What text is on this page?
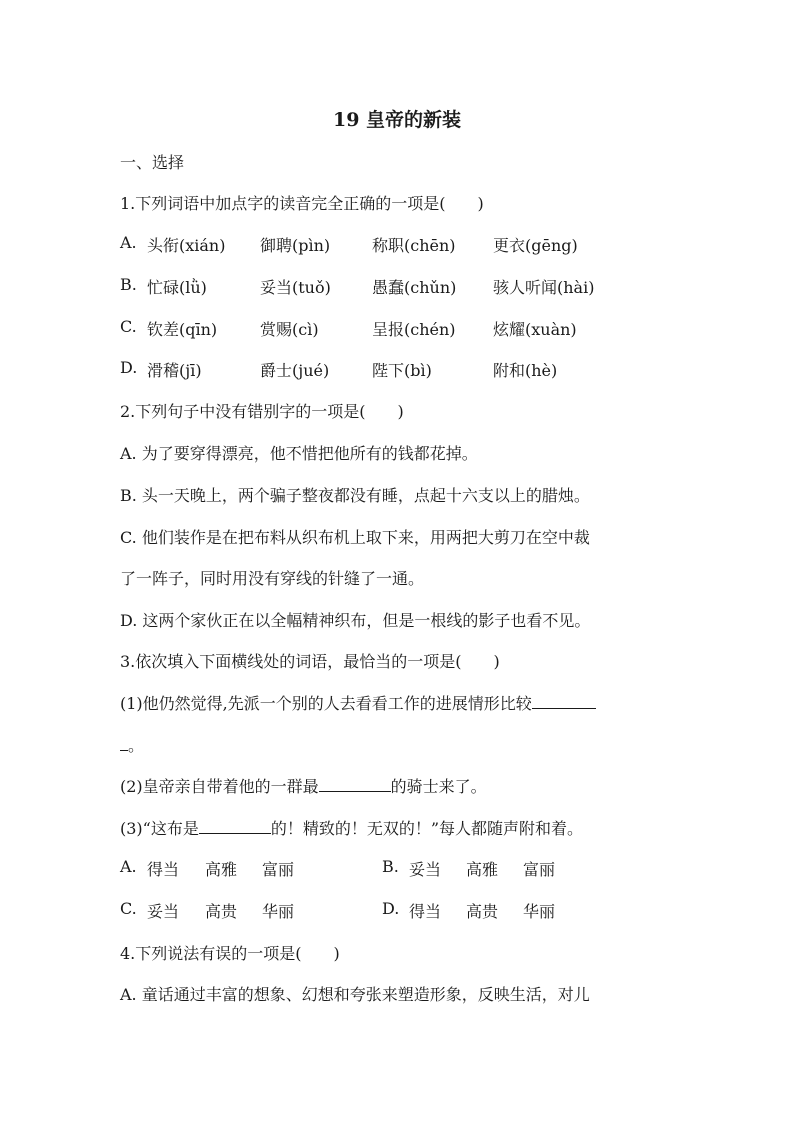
19 皇帝的新装
一、选择
1.下列词语中加点字的读音完全正确的一项是(　　)
A. 头衔(xián) 御聘(pìn)	称职(chēn) 更衣(gēng)
B. 忙碌(lǜ)	妥当(tuǒ)	愚蠢(chǔn) 骇人听闻(hài)
C. 钦差(qīn)	赏赐(cì)	呈报(chén) 炫耀(xuàn)
D. 滑稽(jī)	爵士(jué)	陛下(bì)	附和(hè)
2.下列句子中没有错别字的一项是(　　)
A. 为了要穿得漂亮，他不惜把他所有的钱都花掉。
B. 头一天晚上，两个骗子整夜都没有睡，点起十六支以上的腊烛。
C. 他们装作是在把布料从织布机上取下来，用两把大剪刀在空中裁
了一阵子，同时用没有穿线的针缝了一通。
D. 这两个家伙正在以全幅精神织布，但是一根线的影子也看不见。
3.依次填入下面横线处的词语，最恰当的一项是(　　)
(1)他仍然觉得,先派一个别的人去看看工作的进展情形比较
。
(2)皇帝亲自带着他的一群最	的骑士来了。
(3)“这布是	的！精致的！无双的！”每人都随声附和着。
A. 得当 高雅 富丽	B. 妥当 高雅 富丽
C. 妥当 高贵 华丽	D. 得当 高贵 华丽
4.下列说法有误的一项是(　　)
A. 童话通过丰富的想象、幻想和夸张来塑造形象，反映生活，对儿
